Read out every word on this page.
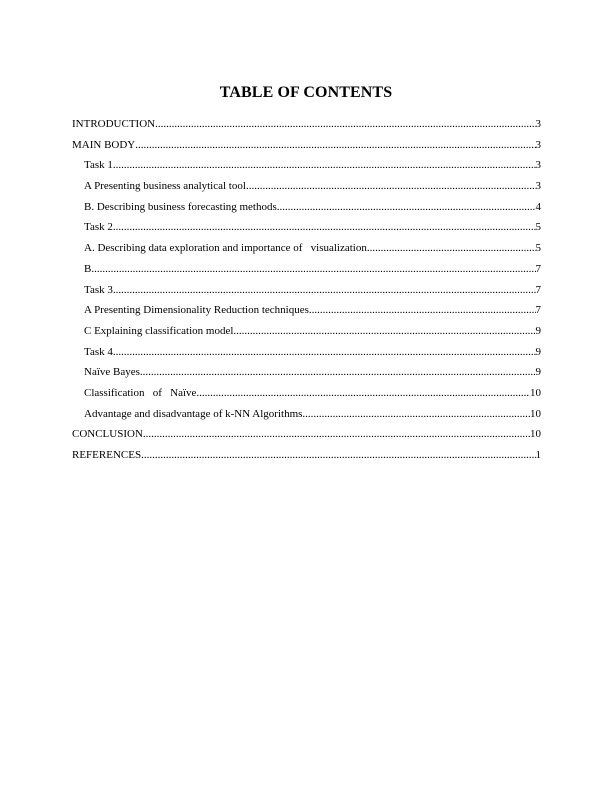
TABLE OF CONTENTS
INTRODUCTION .....	3
MAIN BODY .....	3
Task 1 .....	3
A Presenting business analytical tool .....	3
B. Describing business forecasting methods .....	4
Task 2 .....	5
A. Describing data exploration and importance of   visualization .....	5
B .....	7
Task 3 .....	7
A Presenting Dimensionality Reduction techniques .....	7
C Explaining classification model .....	9
Task 4 .....	9
Naïve Bayes .....	9
Classification   of   Naïve .....	10
Advantage and disadvantage of k-NN Algorithms .....	10
CONCLUSION .....	10
REFERENCES .....	1
